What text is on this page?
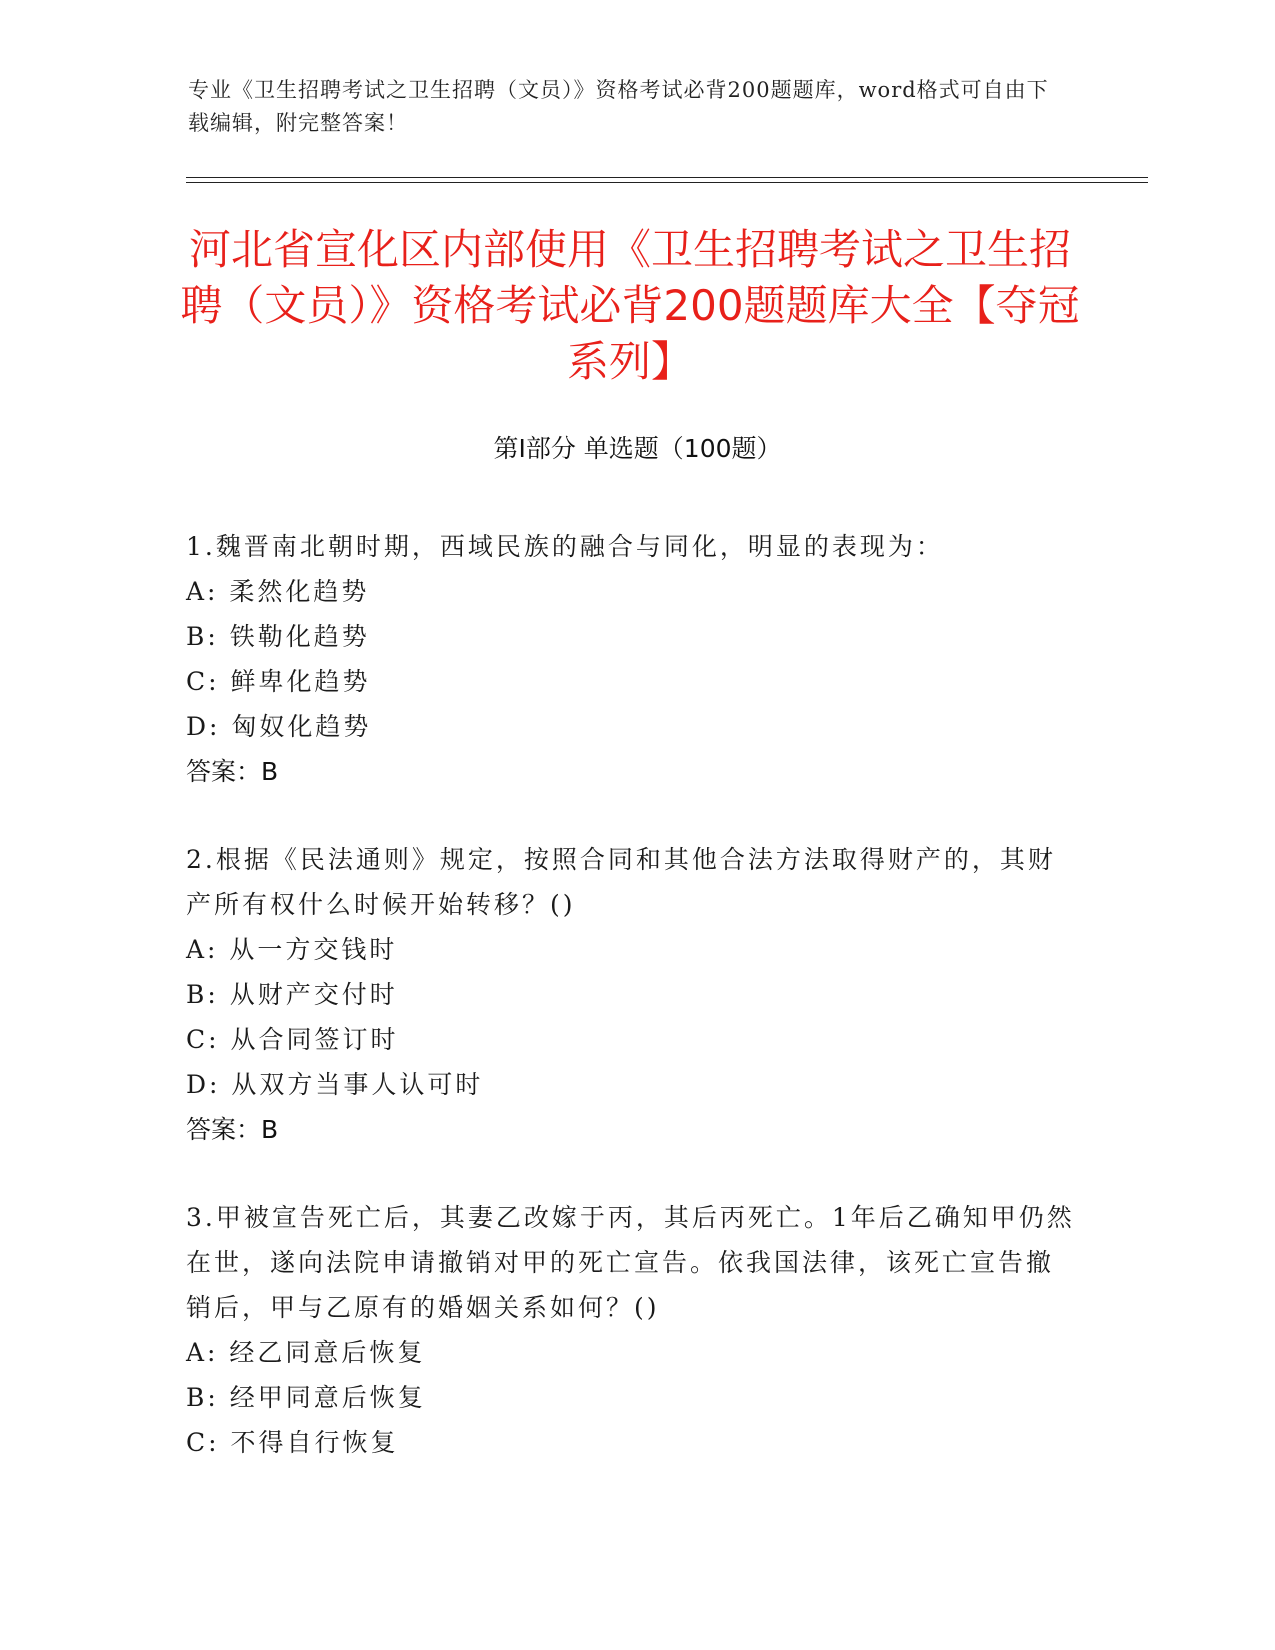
专业《卫生招聘考试之卫生招聘（文员）》资格考试必背200题题库，word格式可自由下载编辑，附完整答案！
河北省宣化区内部使用《卫生招聘考试之卫生招聘（文员）》资格考试必背200题题库大全【夺冠系列】
第Ⅰ部分 单选题（100题）
1.魏晋南北朝时期，西域民族的融合与同化，明显的表现为：
A: 柔然化趋势
B: 铁勒化趋势
C: 鲜卑化趋势
D: 匈奴化趋势
答案：B
2.根据《民法通则》规定，按照合同和其他合法方法取得财产的，其财产所有权什么时候开始转移？()
A: 从一方交钱时
B: 从财产交付时
C: 从合同签订时
D: 从双方当事人认可时
答案：B
3.甲被宣告死亡后，其妻乙改嫁于丙，其后丙死亡。1年后乙确知甲仍然在世，遂向法院申请撤销对甲的死亡宣告。依我国法律，该死亡宣告撤销后，甲与乙原有的婚姻关系如何？()
A: 经乙同意后恢复
B: 经甲同意后恢复
C: 不得自行恢复
